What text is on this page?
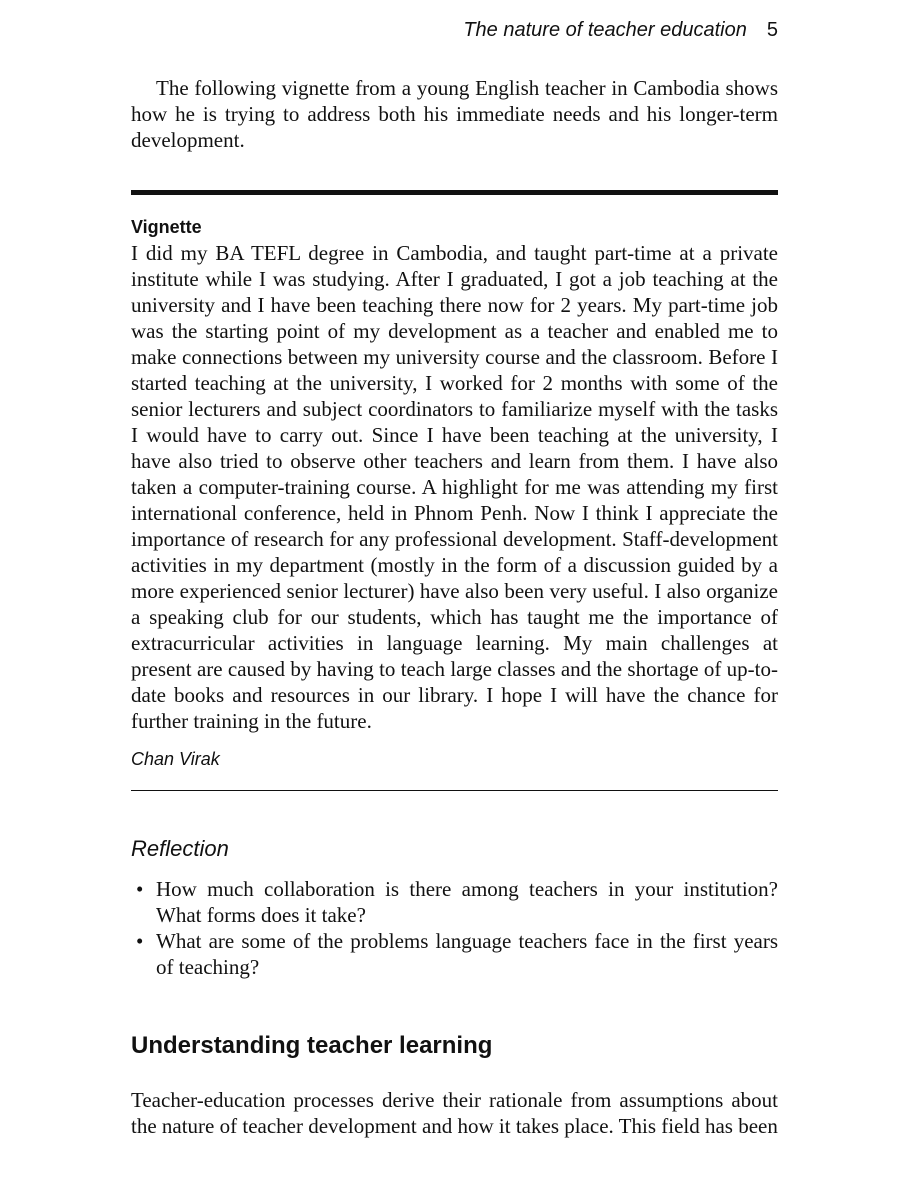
The nature of teacher education 5

The following vignette from a young English teacher in Cambodia shows how he is trying to address both his immediate needs and his longer-term development.

Vignette

I did my BA TEFL degree in Cambodia, and taught part-time at a private institute while I was studying. After I graduated, I got a job teaching at the university and I have been teaching there now for 2 years. My part-time job was the starting point of my development as a teacher and enabled me to make connections between my university course and the classroom. Before I started teaching at the university, I worked for 2 months with some of the senior lecturers and subject coordinators to familiarize myself with the tasks I would have to carry out. Since I have been teaching at the university, I have also tried to observe other teachers and learn from them. I have also taken a computer-training course. A highlight for me was attending my first international conference, held in Phnom Penh. Now I think I appreciate the importance of research for any professional development. Staff-development activities in my department (mostly in the form of a discussion guided by a more experienced senior lecturer) have also been very useful. I also organize a speaking club for our students, which has taught me the importance of extracurricular activities in language learning. My main challenges at present are caused by having to teach large classes and the shortage of up-to-date books and resources in our library. I hope I will have the chance for further training in the future.

Chan Virak
Reflection
• How much collaboration is there among teachers in your institution? What forms does it take?
• What are some of the problems language teachers face in the first years of teaching?
Understanding teacher learning

Teacher-education processes derive their rationale from assumptions about the nature of teacher development and how it takes place. This field has been
